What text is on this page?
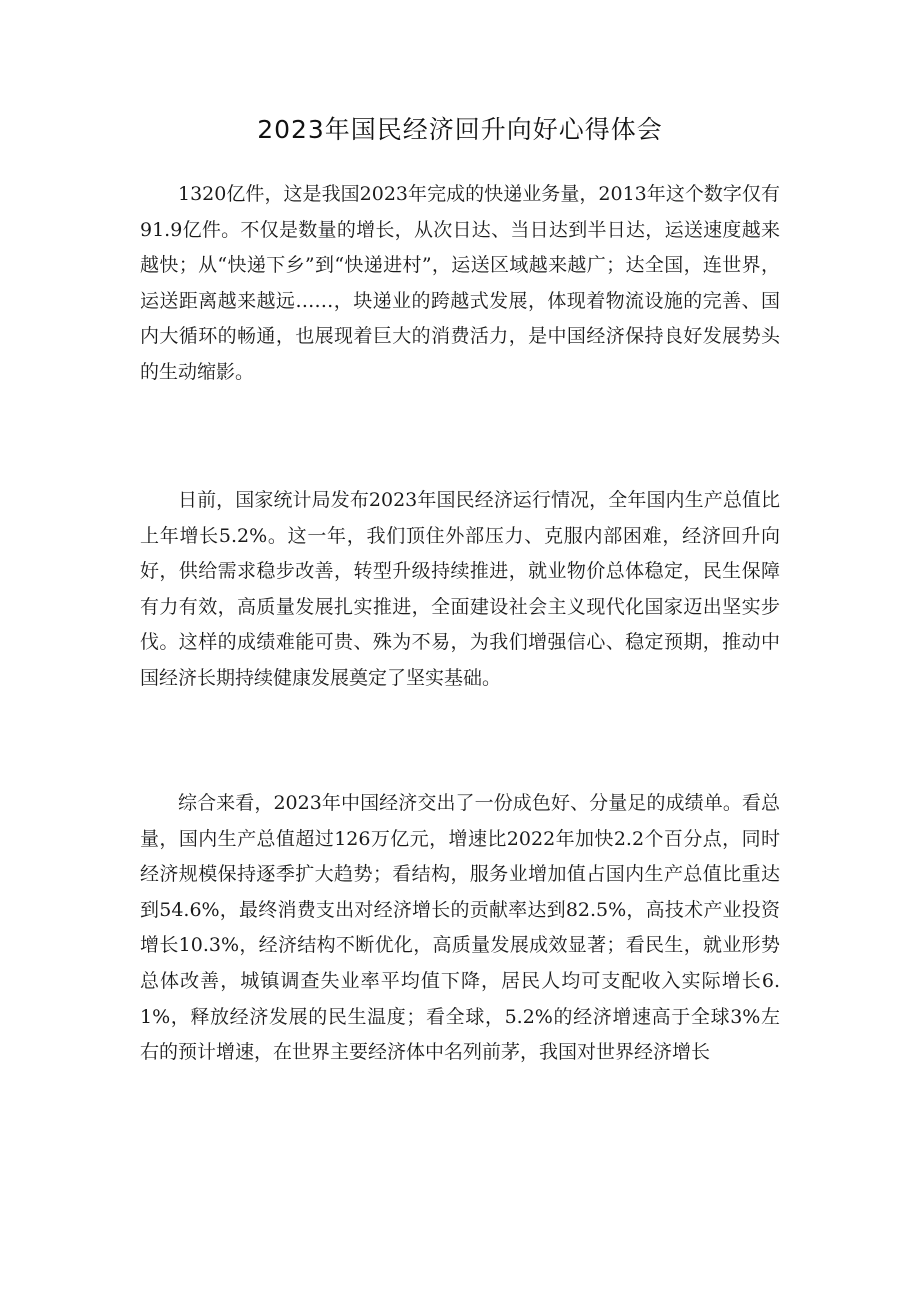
2023年国民经济回升向好心得体会

1320亿件，这是我国2023年完成的快递业务量，2013年这个数字仅有91.9亿件。不仅是数量的增长，从次日达、当日达到半日达，运送速度越来越快；从“快递下乡”到“快递进村”，运送区域越来越广；达全国，连世界，运送距离越来越远……，块递业的跨越式发展，体现着物流设施的完善、国内大循环的畅通，也展现着巨大的消费活力，是中国经济保持良好发展势头的生动缩影。

日前，国家统计局发布2023年国民经济运行情况，全年国内生产总值比上年增长5.2%。这一年，我们顶住外部压力、克服内部困难，经济回升向好，供给需求稳步改善，转型升级持续推进，就业物价总体稳定，民生保障有力有效，高质量发展扎实推进，全面建设社会主义现代化国家迈出坚实步伐。这样的成绩难能可贵、殊为不易，为我们增强信心、稳定预期，推动中国经济长期持续健康发展奠定了坚实基础。

综合来看，2023年中国经济交出了一份成色好、分量足的成绩单。看总量，国内生产总值超过126万亿元，增速比2022年加快2.2个百分点，同时经济规模保持逐季扩大趋势；看结构，服务业增加值占国内生产总值比重达到54.6%，最终消费支出对经济增长的贡献率达到82.5%，高技术产业投资增长10.3%，经济结构不断优化，高质量发展成效显著；看民生，就业形势总体改善，城镇调查失业率平均值下降，居民人均可支配收入实际增长6.1%，释放经济发展的民生温度；看全球，5.2%的经济增速高于全球3%左右的预计增速，在世界主要经济体中名列前茅，我国对世界经济增长
